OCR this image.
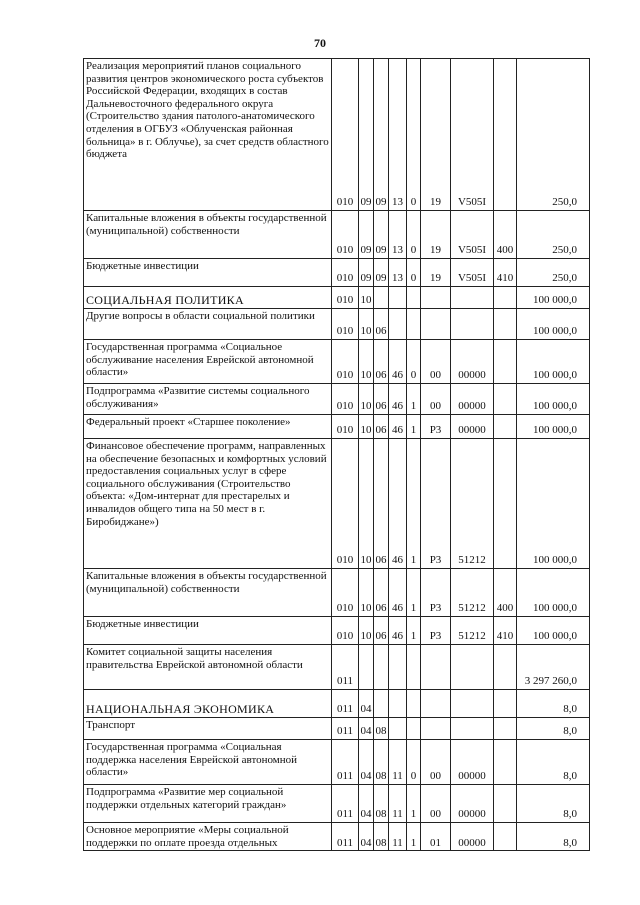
70
Реализация мероприятий планов социального развития центров экономического роста субъектов Российской Федерации, входящих в состав Дальневосточного федерального округа (Строительство здания патолого-анатомического отделения в ОГБУЗ «Облученская районная больница» в г. Облучье), за счет средств областного бюджета	010	09	09	13	0	19	V505I		250,0
Капитальные вложения в объекты государственной (муниципальной) собственности	010	09	09	13	0	19	V505I	400	250,0
Бюджетные инвестиции	010	09	09	13	0	19	V505I	410	250,0
СОЦИАЛЬНАЯ ПОЛИТИКА	010	10							100 000,0
Другие вопросы в области социальной политики	010	10	06						100 000,0
Государственная программа «Социальное обслуживание населения Еврейской автономной области»	010	10	06	46	0	00	00000		100 000,0
Подпрограмма «Развитие системы социального обслуживания»	010	10	06	46	1	00	00000		100 000,0
Федеральный проект «Старшее поколение»	010	10	06	46	1	P3	00000		100 000,0
Финансовое обеспечение программ, направленных на обеспечение безопасных и комфортных условий предоставления социальных услуг в сфере социального обслуживания (Строительство объекта: «Дом-интернат для престарелых и инвалидов общего типа на 50 мест в г. Биробиджане»)	010	10	06	46	1	P3	51212		100 000,0
Капитальные вложения в объекты государственной (муниципальной) собственности	010	10	06	46	1	P3	51212	400	100 000,0
Бюджетные инвестиции	010	10	06	46	1	P3	51212	410	100 000,0
Комитет социальной защиты населения правительства Еврейской автономной области	011								3 297 260,0
НАЦИОНАЛЬНАЯ ЭКОНОМИКА	011	04							8,0
Транспорт	011	04	08						8,0
Государственная программа «Социальная поддержка населения Еврейской автономной области»	011	04	08	11	0	00	00000		8,0
Подпрограмма «Развитие мер социальной поддержки отдельных категорий граждан»	011	04	08	11	1	00	00000		8,0
Основное мероприятие «Меры социальной поддержки по оплате проезда отдельных	011	04	08	11	1	01	00000		8,0
